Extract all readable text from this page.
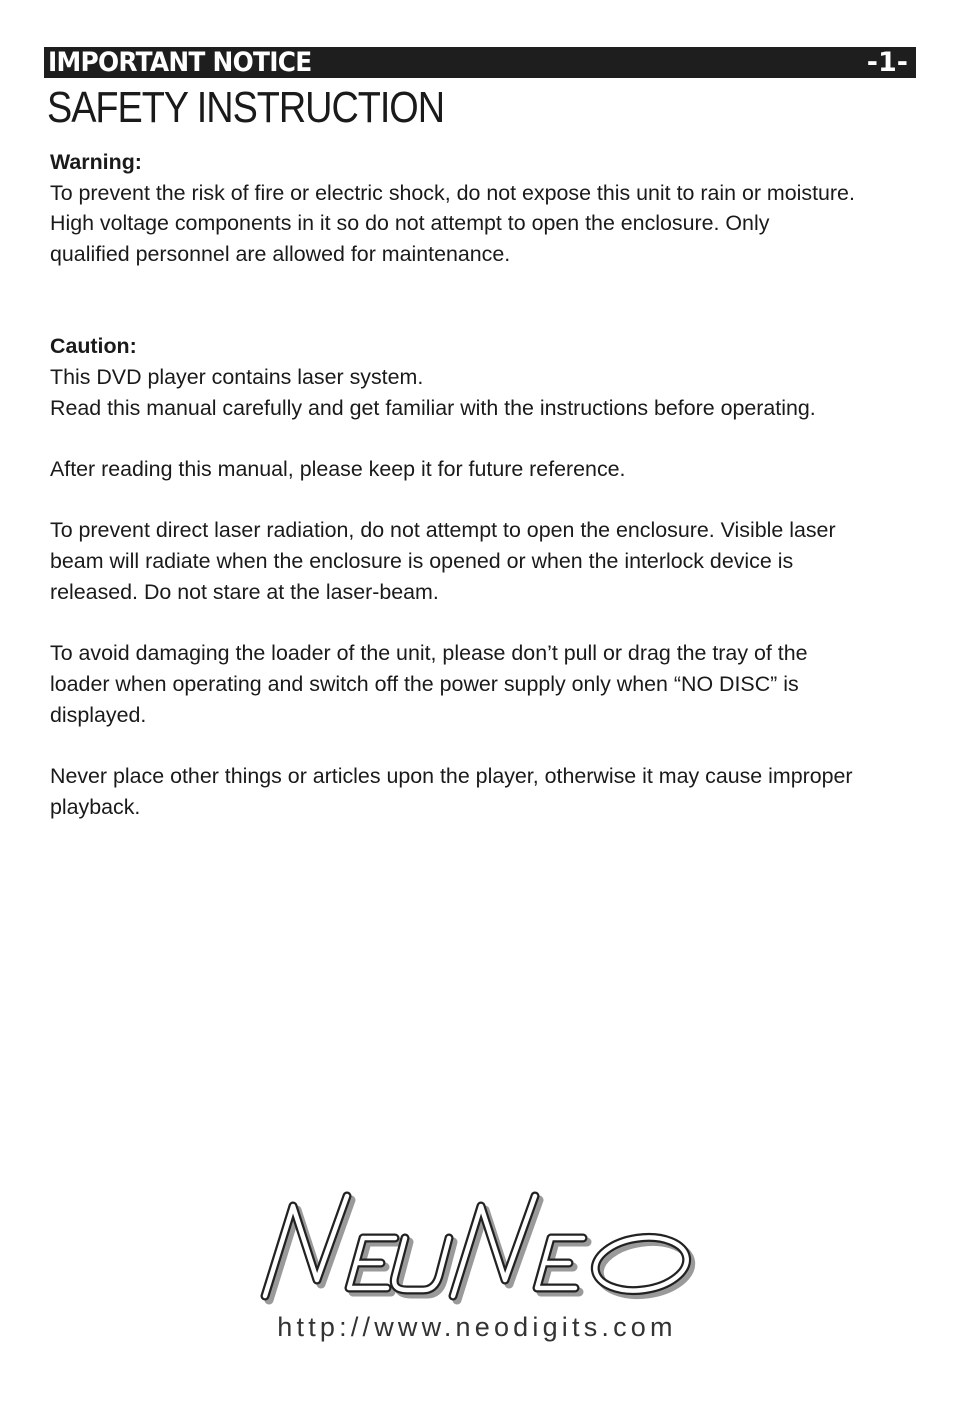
IMPORTANT NOTICE	-1-
SAFETY INSTRUCTION

Warning:

To prevent the risk of fire or electric shock, do not expose this unit to rain or moisture.

High voltage components in it so do not attempt to open the enclosure. Only

qualified personnel are allowed for maintenance.

Caution:

This DVD player contains laser system.

Read this manual carefully and get familiar with the instructions before operating.

After reading this manual, please keep it for future reference.

To prevent direct laser radiation, do not attempt to open the enclosure. Visible laser

beam will radiate when the enclosure is opened or when the interlock device is

released. Do not stare at the laser-beam.

To avoid damaging the loader of the unit, please don’t pull or drag the tray of the

loader when operating and switch off the power supply only when “NO DISC” is

displayed.

Never place other things or articles upon the player, otherwise it may cause improper

playback.

http://www.neodigits.com
